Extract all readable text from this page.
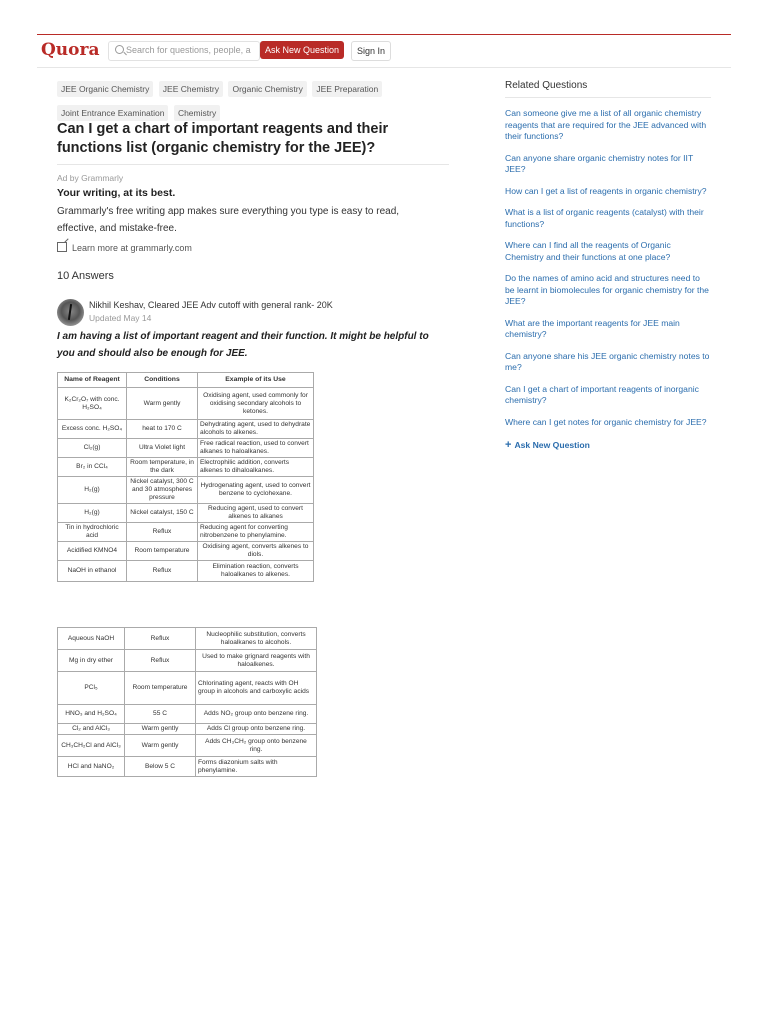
Quora
Search for questions, people, a	Ask New Question	Sign In
JEE Organic Chemistry JEE Chemistry Organic Chemistry JEE Preparation
Joint Entrance Examination Chemistry
Can I get a chart of important reagents and their functions list (organic chemistry for the JEE)?
Ad by Grammarly
Your writing, at its best.
Grammarly's free writing app makes sure everything you type is easy to read, effective, and mistake-free.
Learn more at grammarly.com
10 Answers
Nikhil Keshav, Cleared JEE Adv cutoff with general rank- 20K
Updated May 14
I am having a list of important reagent and their function. It might be helpful to you and should also be enough for JEE.
Name of Reagent	Conditions	Example of its Use
K₂Cr₂O₇ with conc. H₂SO₄	Warm gently	Oxidising agent, used commonly for oxidising secondary alcohols to ketones.
Excess conc. H₂SO₄	heat to 170 C	Dehydrating agent, used to dehydrate alcohols to alkenes.
Cl₂(g)	Ultra Violet light	Free radical reaction, used to convert alkanes to haloalkanes.
Br₂ in CCl₄	Room temperature, in the dark	Electrophilic addition, converts alkenes to dihaloalkanes.
H₂(g)	Nickel catalyst, 300 C and 30 atmospheres pressure	Hydrogenating agent, used to convert benzene to cyclohexane.
H₂(g)	Nickel catalyst, 150 C	Reducing agent, used to convert alkenes to alkanes
Tin in hydrochloric acid	Reflux	Reducing agent for converting nitrobenzene to phenylamine.
Acidified KMNO4	Room temperature	Oxidising agent, converts alkenes to diols.
NaOH in ethanol	Reflux	Elimination reaction, converts haloalkanes to alkenes.
Aqueous NaOH	Reflux	Nucleophilic substitution, converts haloalkanes to alcohols.
Mg in dry ether	Reflux	Used to make grignard reagents with haloalkenes.
PCl₅	Room temperature	Chlorinating agent, reacts with OH group in alcohols and carboxylic acids
HNO₃ and H₂SO₄	55 C	Adds NO₂ group onto benzene ring.
Cl₂ and AlCl₃	Warm gently	Adds Cl group onto benzene ring.
CH₃CH₂Cl and AlCl₃	Warm gently	Adds CH₃CH₂ group onto benzene ring.
HCl and NaNO₂	Below 5 C	Forms diazonium salts with phenylamine.
Related Questions
Can someone give me a list of all organic chemistry reagents that are required for the JEE advanced with their functions?
Can anyone share organic chemistry notes for IIT JEE?
How can I get a list of reagents in organic chemistry?
What is a list of organic reagents (catalyst) with their functions?
Where can I find all the reagents of Organic Chemistry and their functions at one place?
Do the names of amino acid and structures need to be learnt in biomolecules for organic chemistry for the JEE?
What are the important reagents for JEE main chemistry?
Can anyone share his JEE organic chemistry notes to me?
Can I get a chart of important reagents of inorganic chemistry?
Where can I get notes for organic chemistry for JEE?
+ Ask New Question
